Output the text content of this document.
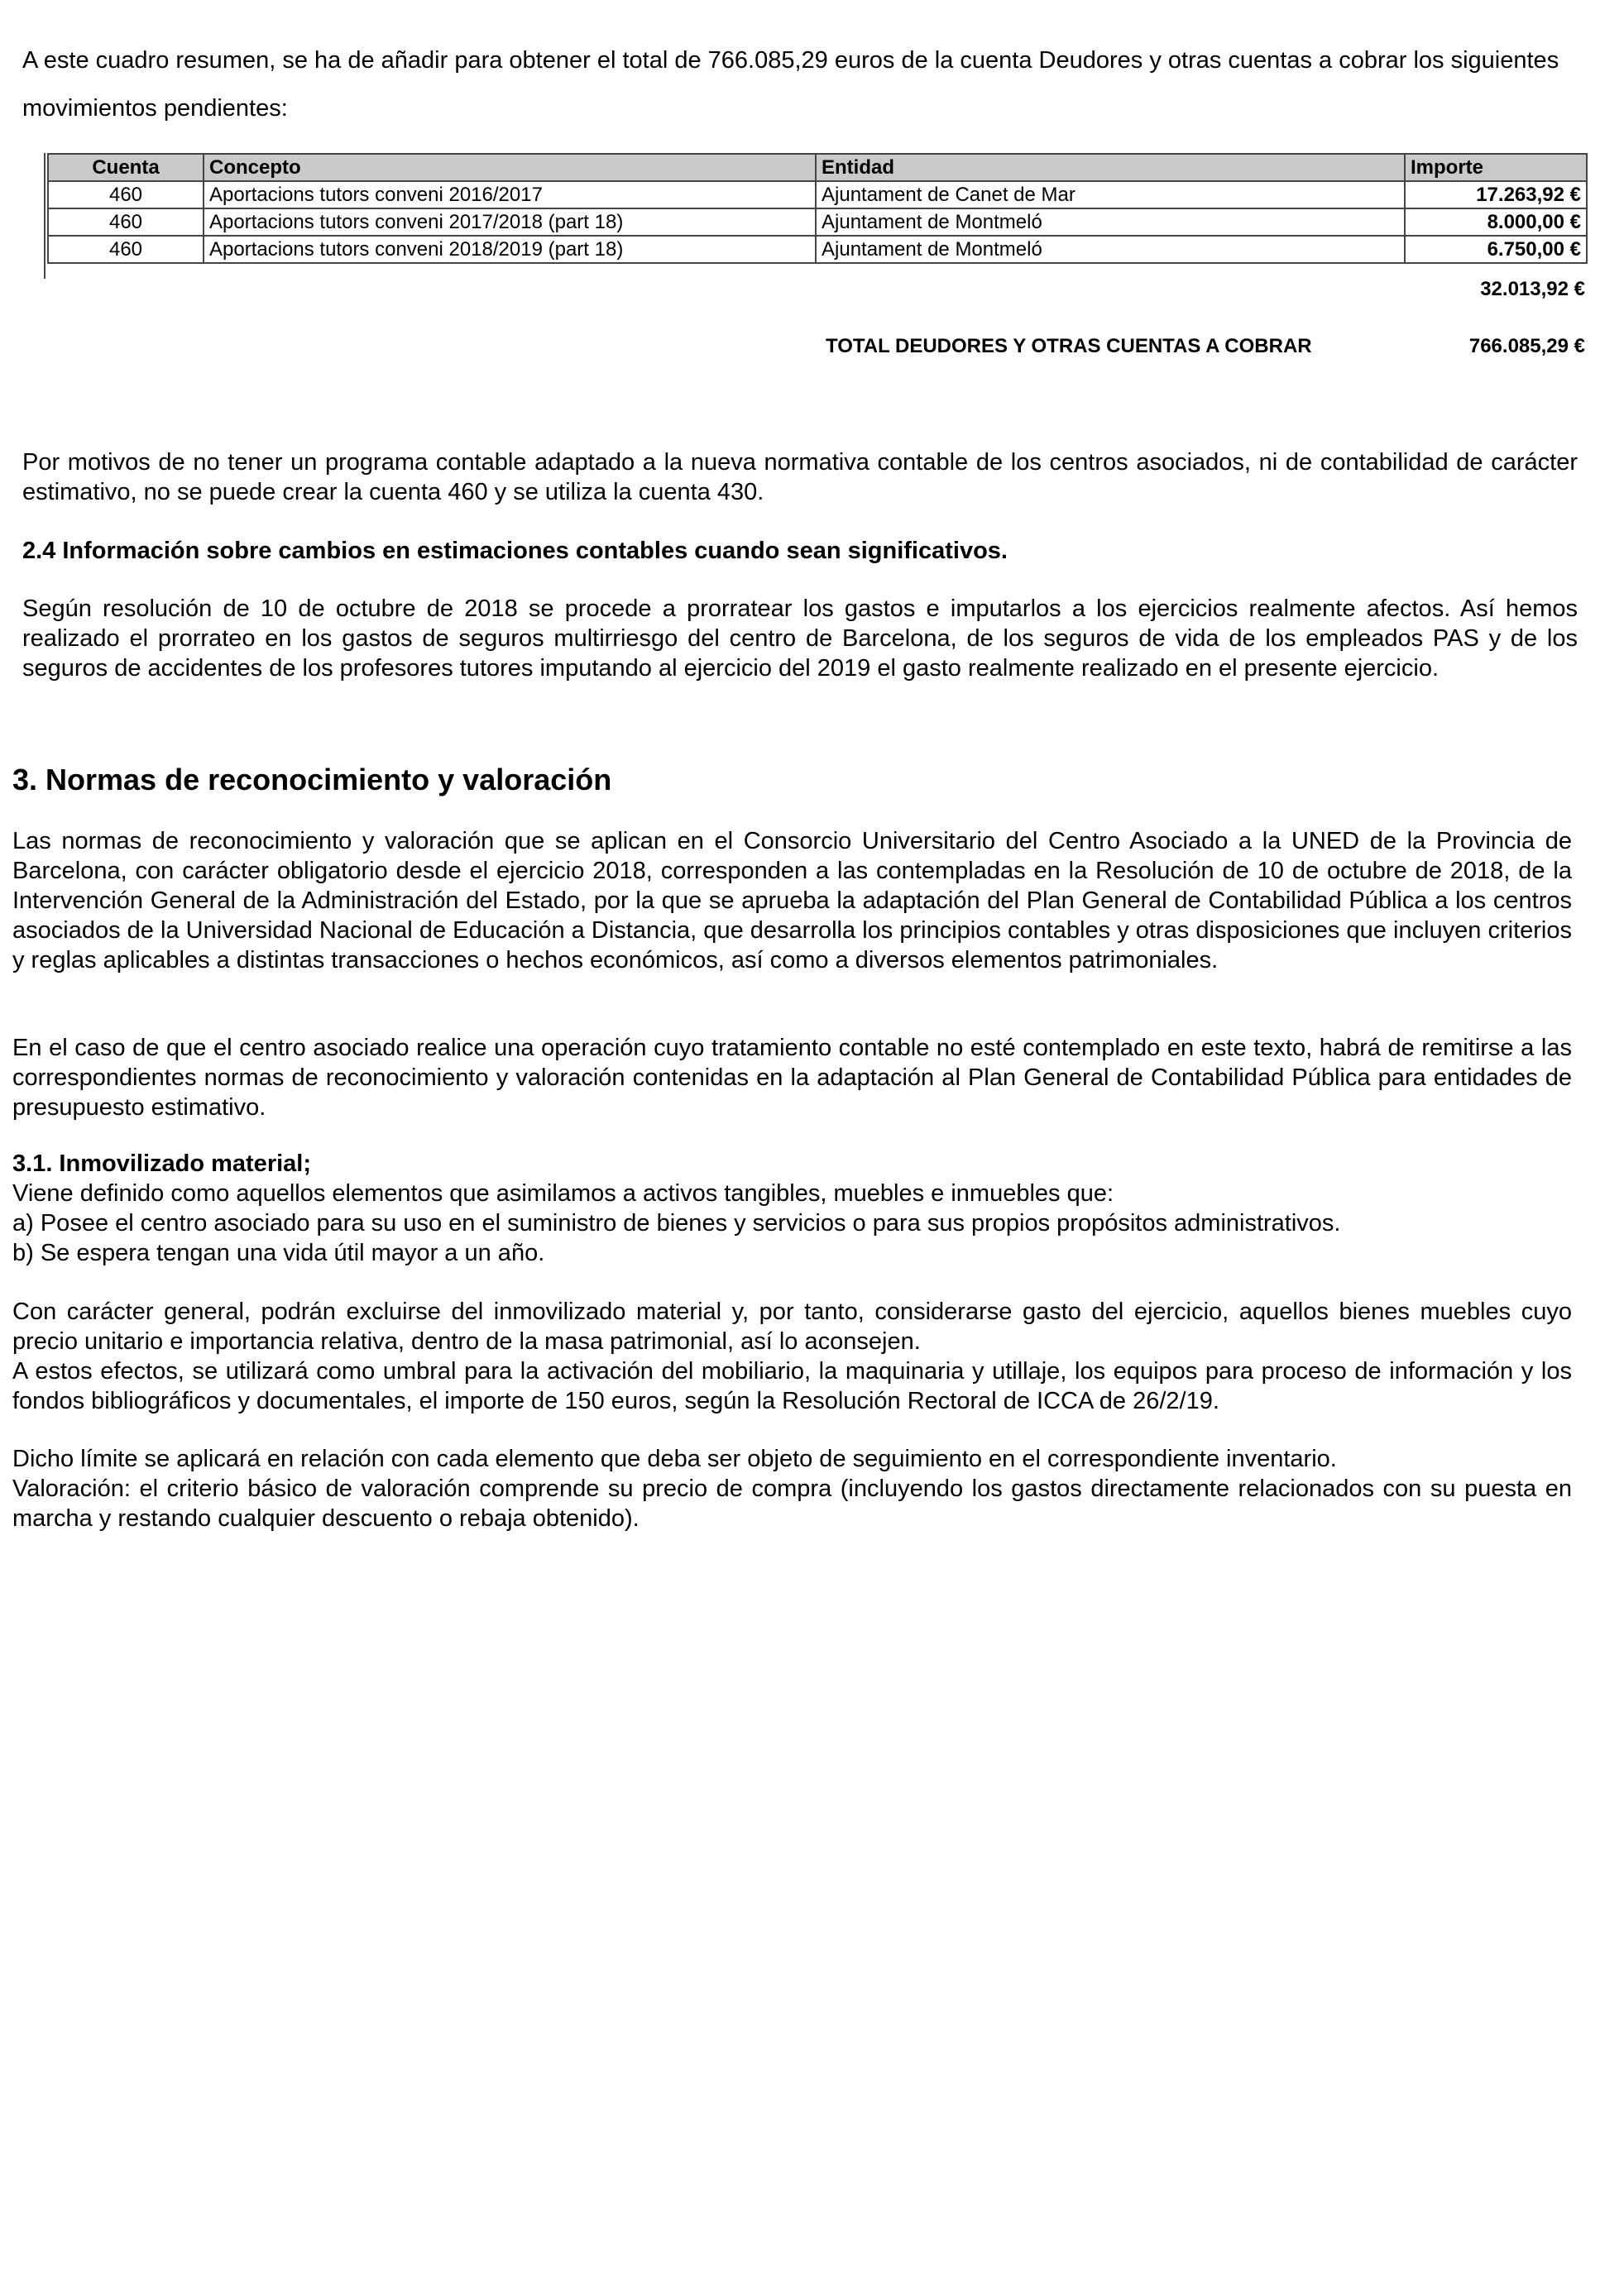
A este cuadro resumen, se ha de añadir para obtener el total de 766.085,29 euros de la cuenta Deudores y otras cuentas a cobrar los siguientes movimientos pendientes:

Cuenta	Concepto	Entidad	Importe
460	Aportacions tutors conveni 2016/2017	Ajuntament de Canet de Mar	17.263,92 €
460	Aportacions tutors conveni 2017/2018 (part 18)	Ajuntament de Montmeló	8.000,00 €
460	Aportacions tutors conveni 2018/2019 (part 18)	Ajuntament de Montmeló	6.750,00 €
32.013,92 €
TOTAL DEUDORES Y OTRAS CUENTAS A COBRAR	766.085,29 €

Por motivos de no tener un programa contable adaptado a la nueva normativa contable de los centros asociados, ni de contabilidad de carácter estimativo, no se puede crear la cuenta 460 y se utiliza la cuenta 430.

2.4 Información sobre cambios en estimaciones contables cuando sean significativos.

Según resolución de 10 de octubre de 2018 se procede a prorratear los gastos e imputarlos a los ejercicios realmente afectos. Así hemos realizado el prorrateo en los gastos de seguros multirriesgo del centro de Barcelona, de los seguros de vida de los empleados PAS y de los seguros de accidentes de los profesores tutores imputando al ejercicio del 2019 el gasto realmente realizado en el presente ejercicio.

3. Normas de reconocimiento y valoración

Las normas de reconocimiento y valoración que se aplican en el Consorcio Universitario del Centro Asociado a la UNED de la Provincia de Barcelona, con carácter obligatorio desde el ejercicio 2018, corresponden a las contempladas en la Resolución de 10 de octubre de 2018, de la Intervención General de la Administración del Estado, por la que se aprueba la adaptación del Plan General de Contabilidad Pública a los centros asociados de la Universidad Nacional de Educación a Distancia, que desarrolla los principios contables y otras disposiciones que incluyen criterios y reglas aplicables a distintas transacciones o hechos económicos, así como a diversos elementos patrimoniales.

En el caso de que el centro asociado realice una operación cuyo tratamiento contable no esté contemplado en este texto, habrá de remitirse a las correspondientes normas de reconocimiento y valoración contenidas en la adaptación al Plan General de Contabilidad Pública para entidades de presupuesto estimativo.

3.1. Inmovilizado material;

Viene definido como aquellos elementos que asimilamos a activos tangibles, muebles e inmuebles que:
a) Posee el centro asociado para su uso en el suministro de bienes y servicios o para sus propios propósitos administrativos.
b) Se espera tengan una vida útil mayor a un año.

Con carácter general, podrán excluirse del inmovilizado material y, por tanto, considerarse gasto del ejercicio, aquellos bienes muebles cuyo precio unitario e importancia relativa, dentro de la masa patrimonial, así lo aconsejen.

A estos efectos, se utilizará como umbral para la activación del mobiliario, la maquinaria y utillaje, los equipos para proceso de información y los fondos bibliográficos y documentales, el importe de 150 euros, según la Resolución Rectoral de ICCA de 26/2/19.

Dicho límite se aplicará en relación con cada elemento que deba ser objeto de seguimiento en el correspondiente inventario.

Valoración: el criterio básico de valoración comprende su precio de compra (incluyendo los gastos directamente relacionados con su puesta en marcha y restando cualquier descuento o rebaja obtenido).
